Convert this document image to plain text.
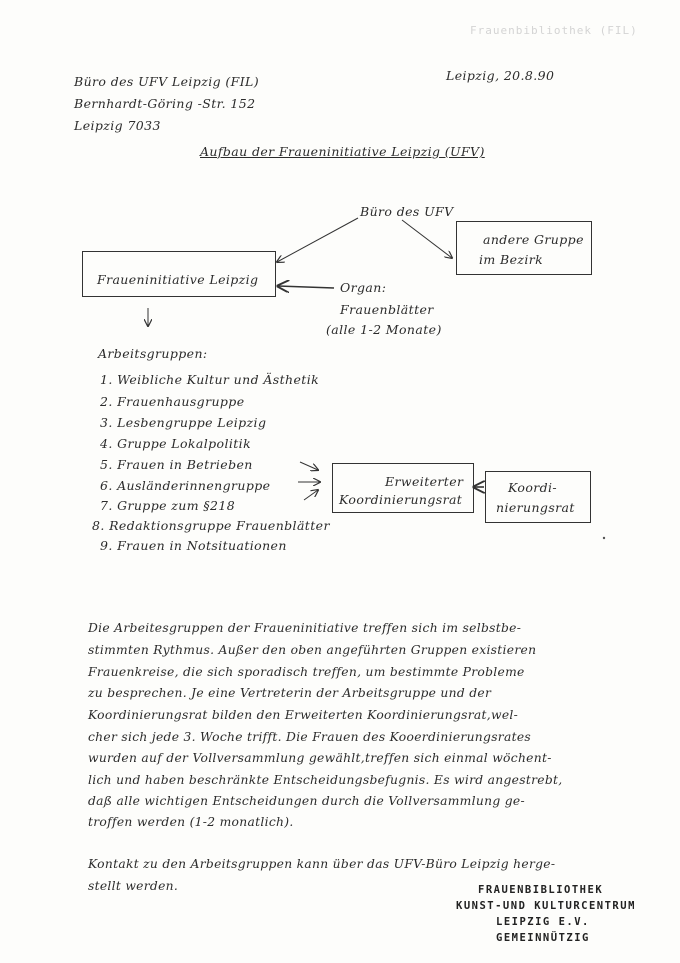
Frauenbibliothek (FIL)
Büro des UFV Leipzig (FIL)
Bernhardt-Göring -Str. 152
Leipzig 7033
Leipzig, 20.8.90
Aufbau der Fraueninitiative Leipzig (UFV)
Büro des UFV
Fraueninitiative Leipzig
andere Gruppe
im Bezirk
Organ:
Frauenblätter
(alle 1-2 Monate)
Arbeitsgruppen:
1. Weibliche Kultur und Ästhetik
2. Frauenhausgruppe
3. Lesbengruppe Leipzig
4. Gruppe Lokalpolitik
5. Frauen in Betrieben
6. Ausländerinnengruppe
7. Gruppe zum §218
8. Redaktionsgruppe Frauenblätter
9. Frauen in Notsituationen
Erweiterter
Koordinierungsrat
Koordi-
nierungsrat
Die Arbeitesgruppen der Fraueninitiative treffen sich im selbstbe-
stimmten Rythmus. Außer den oben angeführten Gruppen existieren
Frauenkreise, die sich sporadisch treffen, um bestimmte Probleme
zu besprechen. Je eine Vertreterin der Arbeitsgruppe und der
Koordinierungsrat bilden den Erweiterten Koordinierungsrat,wel-
cher sich jede 3. Woche trifft. Die Frauen des Kooerdinierungsrates
wurden auf der Vollversammlung gewählt,treffen sich einmal wöchent-
lich und haben beschränkte Entscheidungsbefugnis. Es wird angestrebt,
daß alle wichtigen Entscheidungen durch die Vollversammlung ge-
troffen werden (1-2 monatlich).
Kontakt zu den Arbeitsgruppen kann über das UFV-Büro Leipzig herge-
stellt werden.	FRAUENBIBLIOTHEK
KUNST-UND KULTURCENTRUM
LEIPZIG E.V.
GEMEINNÜTZIG
